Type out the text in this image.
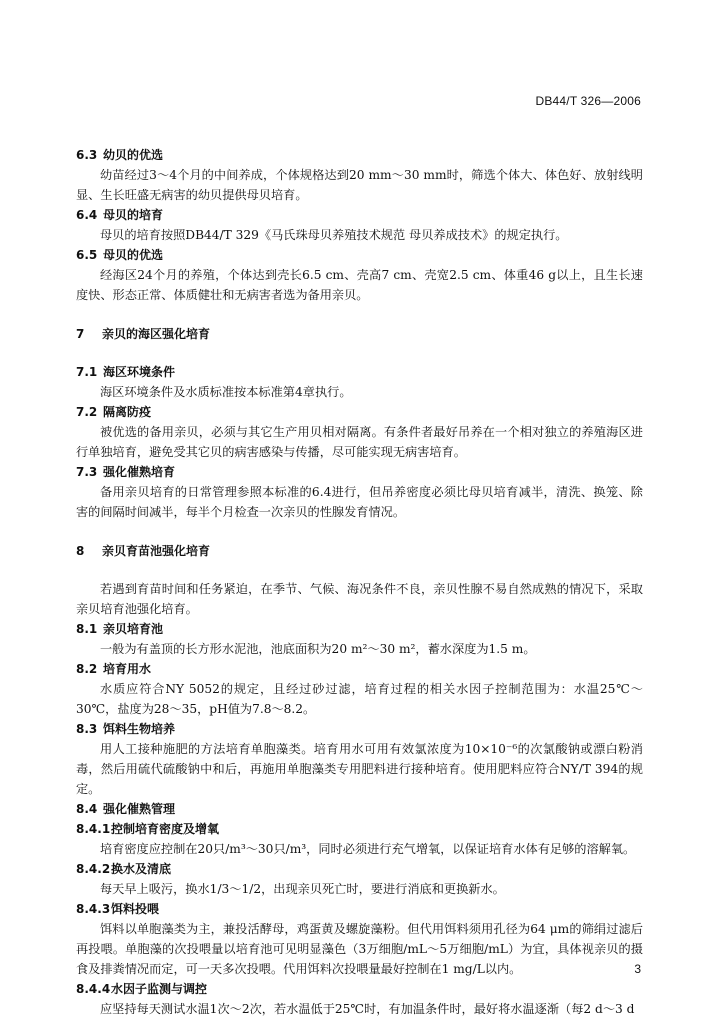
DB44/T 326—2006

6.3 幼贝的优选

幼苗经过3～4个月的中间养成，个体规格达到20 mm～30 mm时，筛选个体大、体色好、放射线明显、生长旺盛无病害的幼贝提供母贝培育。

6.4 母贝的培育

母贝的培育按照DB44/T 329《马氏珠母贝养殖技术规范 母贝养成技术》的规定执行。

6.5 母贝的优选

经海区24个月的养殖，个体达到壳长6.5 cm、壳高7 cm、壳宽2.5 cm、体重46 g以上，且生长速度快、形态正常、体质健壮和无病害者选为备用亲贝。

7 亲贝的海区强化培育

7.1 海区环境条件

海区环境条件及水质标准按本标准第4章执行。

7.2 隔离防疫

被优选的备用亲贝，必须与其它生产用贝相对隔离。有条件者最好吊养在一个相对独立的养殖海区进行单独培育，避免受其它贝的病害感染与传播，尽可能实现无病害培育。

7.3 强化催熟培育

备用亲贝培育的日常管理参照本标准的6.4进行，但吊养密度必须比母贝培育减半，清洗、换笼、除害的间隔时间减半，每半个月检查一次亲贝的性腺发育情况。

8 亲贝育苗池强化培育

若遇到育苗时间和任务紧迫，在季节、气候、海况条件不良，亲贝性腺不易自然成熟的情况下，采取亲贝培育池强化培育。

8.1 亲贝培育池

一般为有盖顶的长方形水泥池，池底面积为20 m²～30 m²，蓄水深度为1.5 m。

8.2 培育用水

水质应符合NY 5052的规定，且经过砂过滤，培育过程的相关水因子控制范围为：水温25℃～30℃，盐度为28～35，pH值为7.8～8.2。

8.3 饵料生物培养

用人工接种施肥的方法培育单胞藻类。培育用水可用有效氯浓度为10×10⁻⁶的次氯酸钠或漂白粉消毒，然后用硫代硫酸钠中和后，再施用单胞藻类专用肥料进行接种培育。使用肥料应符合NY/T 394的规定。

8.4 强化催熟管理

8.4.1控制培育密度及增氧

培育密度应控制在20只/m³～30只/m³，同时必须进行充气增氧，以保证培育水体有足够的溶解氧。

8.4.2换水及清底

每天早上吸污，换水1/3～1/2，出现亲贝死亡时，要进行消底和更换新水。

8.4.3饵料投喂

饵料以单胞藻类为主，兼投活酵母，鸡蛋黄及螺旋藻粉。但代用饵料须用孔径为64 μm的筛绢过滤后再投喂。单胞藻的次投喂量以培育池可见明显藻色（3万细胞/mL～5万细胞/mL）为宜，具体视亲贝的摄食及排粪情况而定，可一天多次投喂。代用饵料次投喂量最好控制在1 mg/L以内。

8.4.4水因子监测与调控

应坚持每天测试水温1次～2次，若水温低于25℃时，有加温条件时，最好将水温逐渐（每2 d～3 d

3
